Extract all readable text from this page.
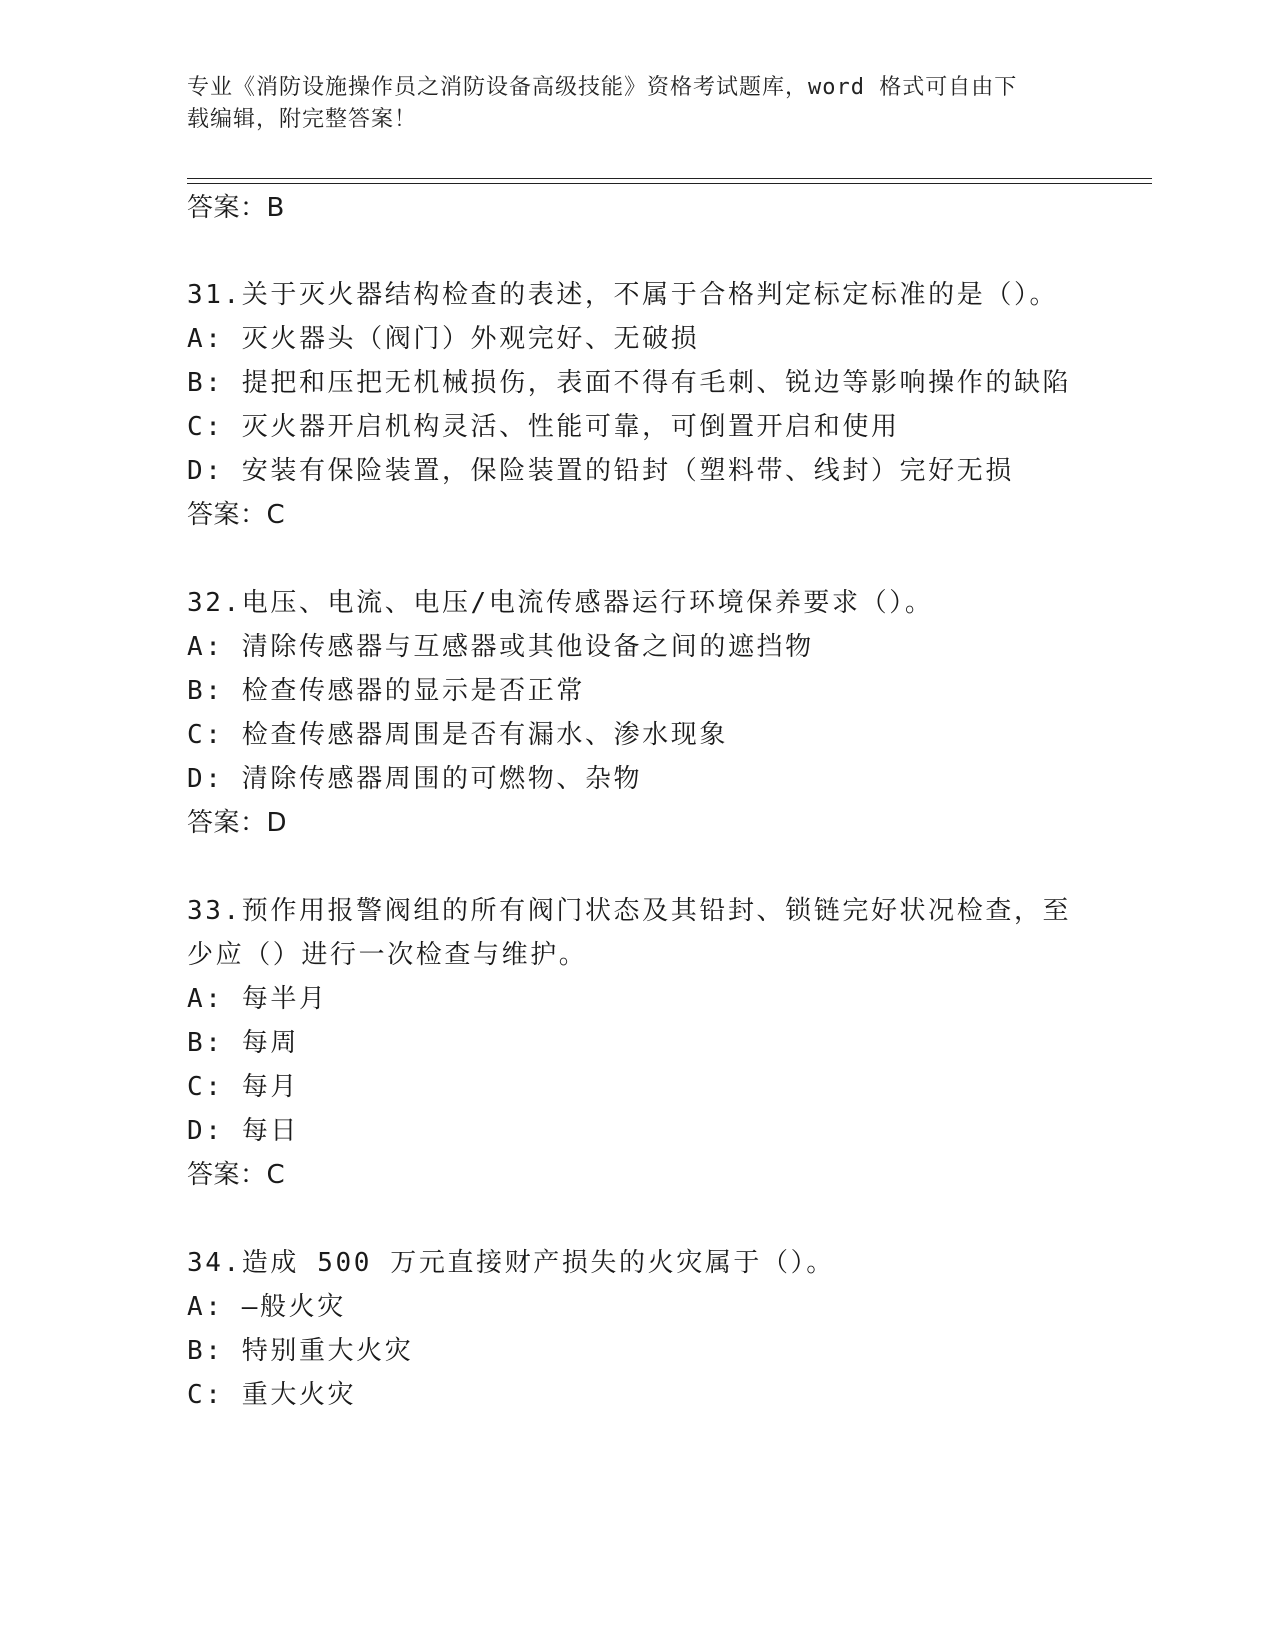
专业《消防设施操作员之消防设备高级技能》资格考试题库，word 格式可自由下
载编辑，附完整答案！
答案：B
31.关于灭火器结构检查的表述，不属于合格判定标定标准的是（）。
A: 灭火器头（阀门）外观完好、无破损
B: 提把和压把无机械损伤，表面不得有毛刺、锐边等影响操作的缺陷
C: 灭火器开启机构灵活、性能可靠，可倒置开启和使用
D: 安装有保险装置，保险装置的铅封（塑料带、线封）完好无损
答案：C
32.电压、电流、电压/电流传感器运行环境保养要求（）。
A: 清除传感器与互感器或其他设备之间的遮挡物
B: 检查传感器的显示是否正常
C: 检查传感器周围是否有漏水、渗水现象
D: 清除传感器周围的可燃物、杂物
答案：D
33.预作用报警阀组的所有阀门状态及其铅封、锁链完好状况检查，至
少应（）进行一次检查与维护。
A: 每半月
B: 每周
C: 每月
D: 每日
答案：C
34.造成 500 万元直接财产损失的火灾属于（）。
A: —般火灾
B: 特别重大火灾
C: 重大火灾
